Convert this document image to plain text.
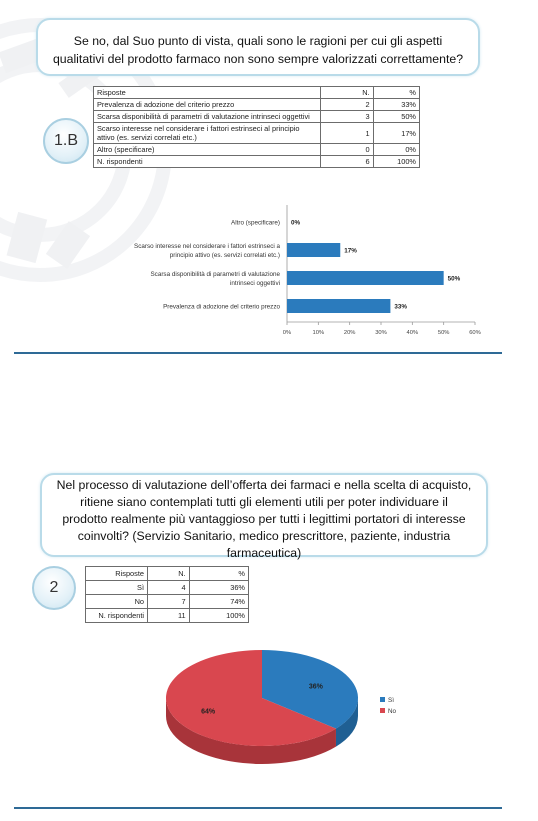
Se no, dal Suo punto di vista, quali sono le ragioni per cui gli aspetti
qualitativi del prodotto farmaco non sono sempre valorizzati correttamente?
1.B
Risposte	N.	%
Prevalenza di adozione del criterio prezzo	2	33%
Scarsa disponibilità di parametri di valutazione intrinseci oggettivi	3	50%
Scarso interesse nel considerare i fattori estrinseci al principio attivo (es. servizi correlati etc.)	1	17%
Altro (specificare)	0	0%
N. rispondenti	6	100%
0%
Altro (specificare)
17%
Scarso interesse nel considerare i fattori estrinseci a
principio attivo (es. servizi correlati etc.)
50%
Scarsa disponibilità di parametri di valutazione
intrinseci oggettivi
33%
Prevalenza di adozione del criterio prezzo
0%	10%	20%	30%	40%	50%	60%
Nel processo di valutazione dell’offerta dei farmaci e nella scelta di acquisto,
ritiene siano contemplati tutti gli elementi utili per poter individuare il
prodotto realmente più vantaggioso per tutti i legittimi portatori di interesse
coinvolti? (Servizio Sanitario, medico prescrittore, paziente, industria
farmaceutica)
2
Risposte	N.	%
Sì	4	36%
No	7	74%
N. rispondenti	11	100%
36%
64%
Sì
No
